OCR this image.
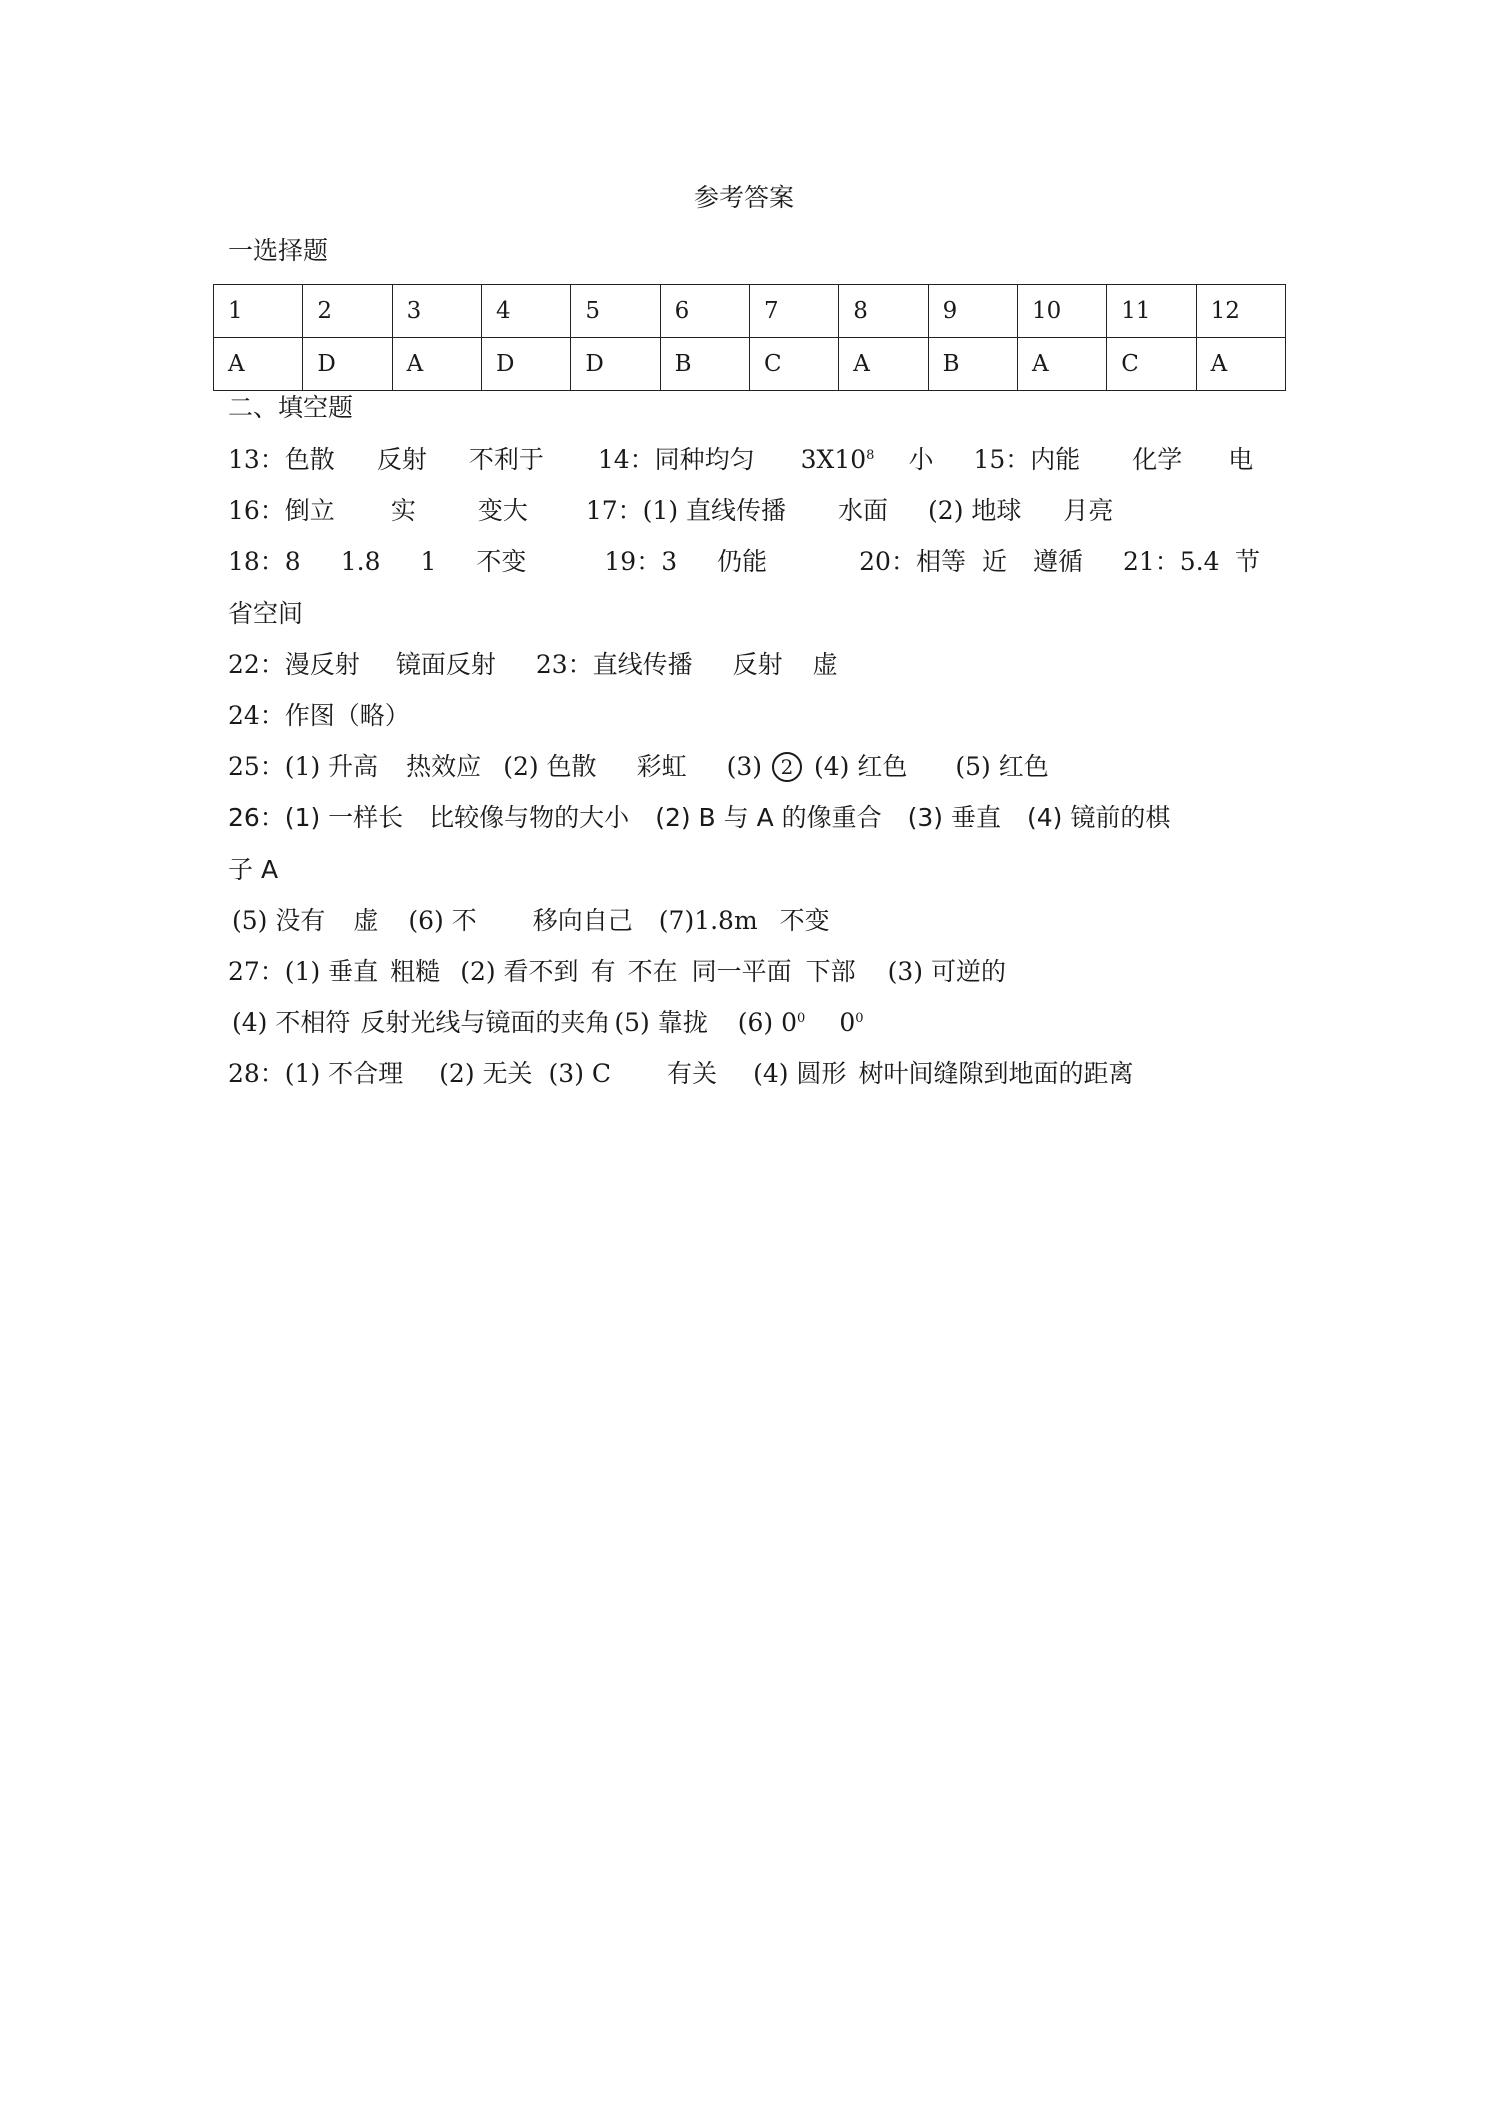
参考答案
一选择题
1	2	3	4	5	6	7	8	9	10	11	12
A	D	A	D	D	B	C	A	B	A	C	A
二、填空题
13：色散 反射 不利于 14：同种均匀 $3X10^8$ 小 15：内能 化学 电
16：倒立 实 变大 17：(1) 直线传播 水面 (2) 地球 月亮
18：8 1.8 1 不变	19：3 仍能	20：相等 近 遵循 21：5.4 节
省空间
22：漫反射 镜面反射 23：直线传播 反射 虚
24：作图（略）
25：(1) 升高 热效应 (2) 色散 彩虹 (3) 2 (4) 红色 (5) 红色
26：(1) 一样长 比较像与物的大小 (2) B 与 A 的像重合 (3) 垂直 (4) 镜前的棋
子 A
(5) 没有 虚 (6) 不 移向自己 (7)1.8m 不变
27：(1) 垂直 粗糙 (2) 看不到 有 不在 同一平面 下部 (3) 可逆的
(4) 不相符 反射光线与镜面的夹角 (5) 靠拢 (6) $0^0$ $0^0$
28：(1) 不合理 (2) 无关 (3) C 有关 (4) 圆形 树叶间缝隙到地面的距离
